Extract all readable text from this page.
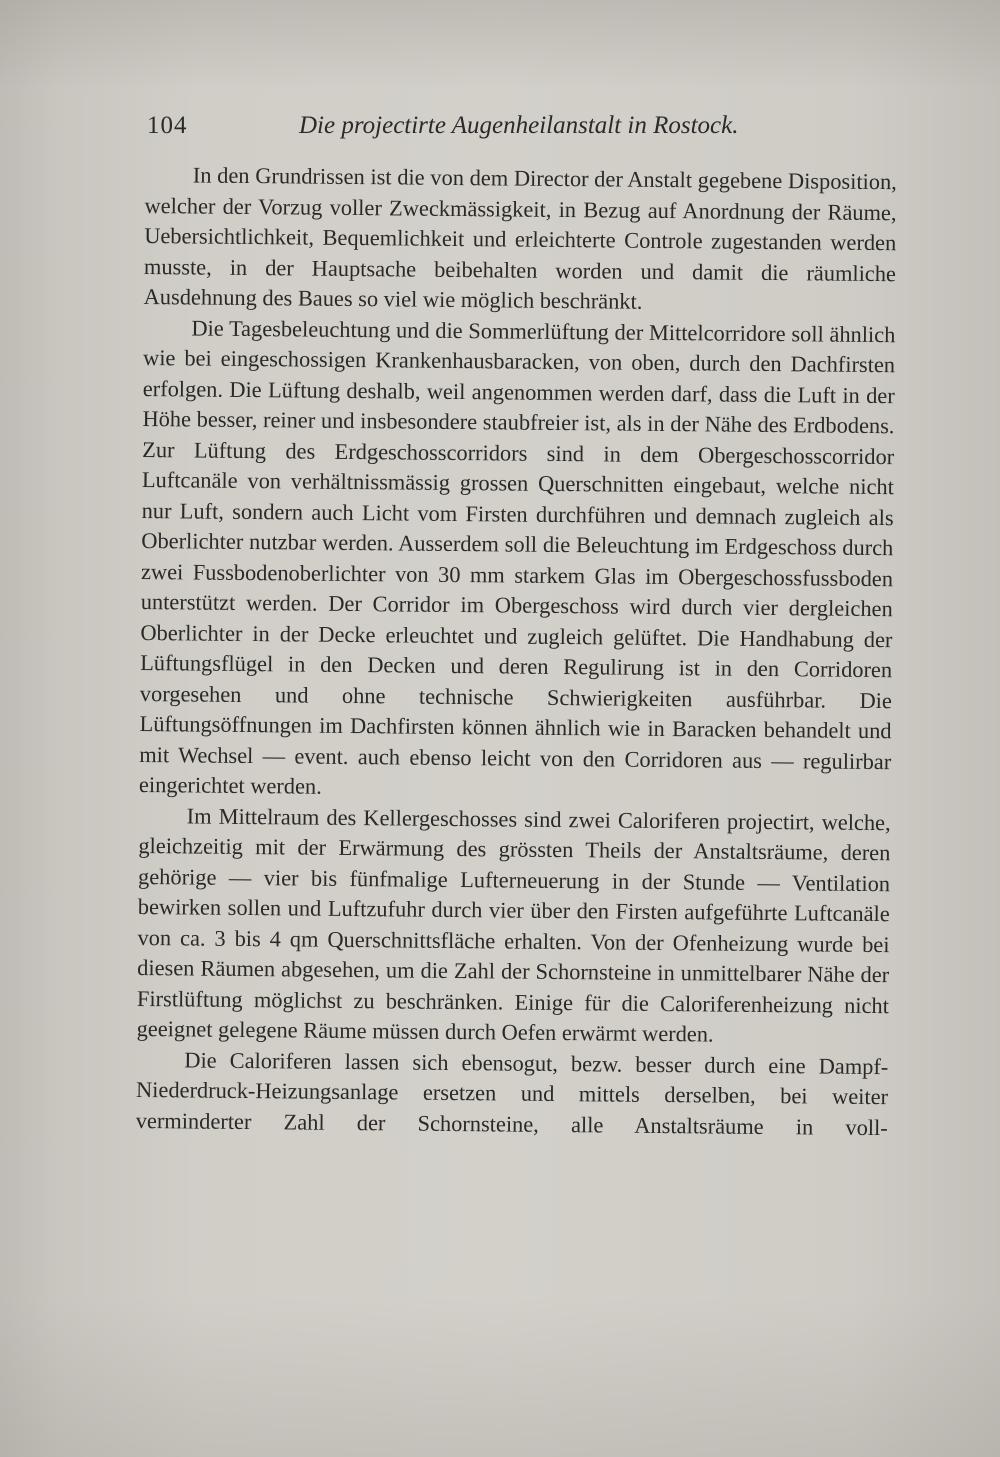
104	Die projectirte Augenheilanstalt in Rostock.

In den Grundrissen ist die von dem Director der Anstalt gegebene Disposition, welcher der Vorzug voller Zweckmässigkeit, in Bezug auf Anordnung der Räume, Uebersichtlichkeit, Bequemlichkeit und erleichterte Controle zugestanden werden musste, in der Hauptsache beibehalten worden und damit die räumliche Ausdehnung des Baues so viel wie möglich beschränkt.

Die Tagesbeleuchtung und die Sommerlüftung der Mittelcorridore soll ähnlich wie bei eingeschossigen Krankenhausbaracken, von oben, durch den Dachfirsten erfolgen. Die Lüftung deshalb, weil angenommen werden darf, dass die Luft in der Höhe besser, reiner und insbesondere staubfreier ist, als in der Nähe des Erdbodens. Zur Lüftung des Erdgeschosscorridors sind in dem Obergeschosscorridor Luftcanäle von verhältnissmässig grossen Querschnitten eingebaut, welche nicht nur Luft, sondern auch Licht vom Firsten durchführen und demnach zugleich als Oberlichter nutzbar werden. Ausserdem soll die Beleuchtung im Erdgeschoss durch zwei Fussbodenoberlichter von 30 mm starkem Glas im Obergeschossfussboden unterstützt werden. Der Corridor im Obergeschoss wird durch vier dergleichen Oberlichter in der Decke erleuchtet und zugleich gelüftet. Die Handhabung der Lüftungsflügel in den Decken und deren Regulirung ist in den Corridoren vorgesehen und ohne technische Schwierigkeiten ausführbar. Die Lüftungsöffnungen im Dachfirsten können ähnlich wie in Baracken behandelt und mit Wechsel — event. auch ebenso leicht von den Corridoren aus — regulirbar eingerichtet werden.

Im Mittelraum des Kellergeschosses sind zwei Caloriferen projectirt, welche, gleichzeitig mit der Erwärmung des grössten Theils der Anstaltsräume, deren gehörige — vier bis fünfmalige Lufterneuerung in der Stunde — Ventilation bewirken sollen und Luftzufuhr durch vier über den Firsten aufgeführte Luftcanäle von ca. 3 bis 4 qm Querschnittsfläche erhalten. Von der Ofenheizung wurde bei diesen Räumen abgesehen, um die Zahl der Schornsteine in unmittelbarer Nähe der Firstlüftung möglichst zu beschränken. Einige für die Caloriferenheizung nicht geeignet gelegene Räume müssen durch Oefen erwärmt werden.

Die Caloriferen lassen sich ebensogut, bezw. besser durch eine Dampf-Niederdruck-Heizungsanlage ersetzen und mittels derselben, bei weiter verminderter Zahl der Schornsteine, alle Anstaltsräume in voll-
